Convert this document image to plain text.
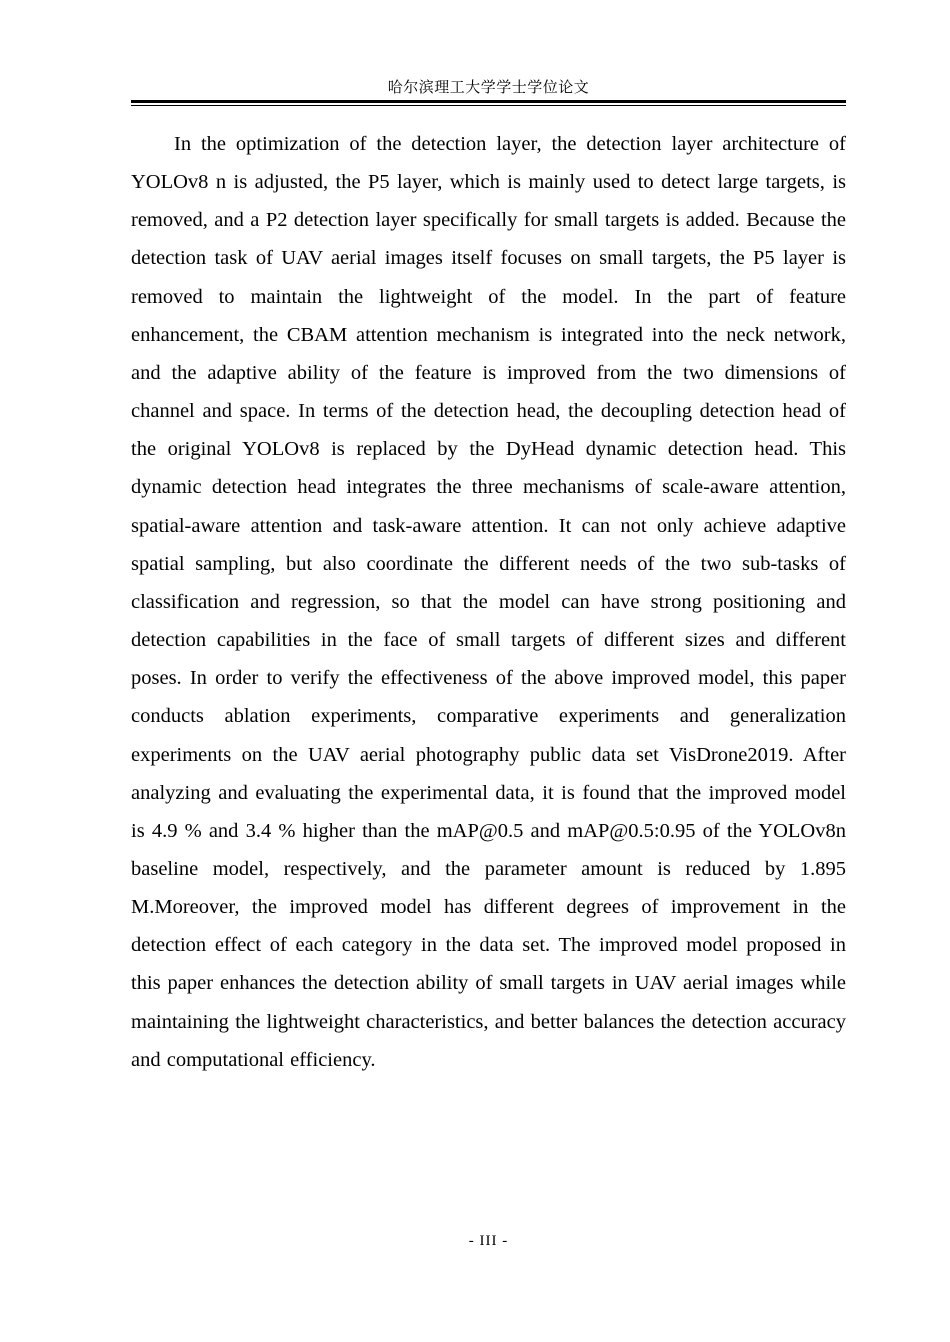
哈尔滨理工大学学士学位论文

In the optimization of the detection layer, the detection layer architecture of YOLOv8 n is adjusted, the P5 layer, which is mainly used to detect large targets, is removed, and a P2 detection layer specifically for small targets is added. Because the detection task of UAV aerial images itself focuses on small targets, the P5 layer is removed to maintain the lightweight of the model. In the part of feature enhancement, the CBAM attention mechanism is integrated into the neck network, and the adaptive ability of the feature is improved from the two dimensions of channel and space. In terms of the detection head, the decoupling detection head of the original YOLOv8 is replaced by the DyHead dynamic detection head. This dynamic detection head integrates the three mechanisms of scale-aware attention, spatial-aware attention and task-aware attention. It can not only achieve adaptive spatial sampling, but also coordinate the different needs of the two sub-tasks of classification and regression, so that the model can have strong positioning and detection capabilities in the face of small targets of different sizes and different poses. In order to verify the effectiveness of the above improved model, this paper conducts ablation experiments, comparative experiments and generalization experiments on the UAV aerial photography public data set VisDrone2019. After analyzing and evaluating the experimental data, it is found that the improved model is 4.9 % and 3.4 % higher than the mAP@0.5 and mAP@0.5:0.95 of the YOLOv8n baseline model, respectively, and the parameter amount is reduced by 1.895 M.Moreover, the improved model has different degrees of improvement in the detection effect of each category in the data set. The improved model proposed in this paper enhances the detection ability of small targets in UAV aerial images while maintaining the lightweight characteristics, and better balances the detection accuracy and computational efficiency.

- III -
